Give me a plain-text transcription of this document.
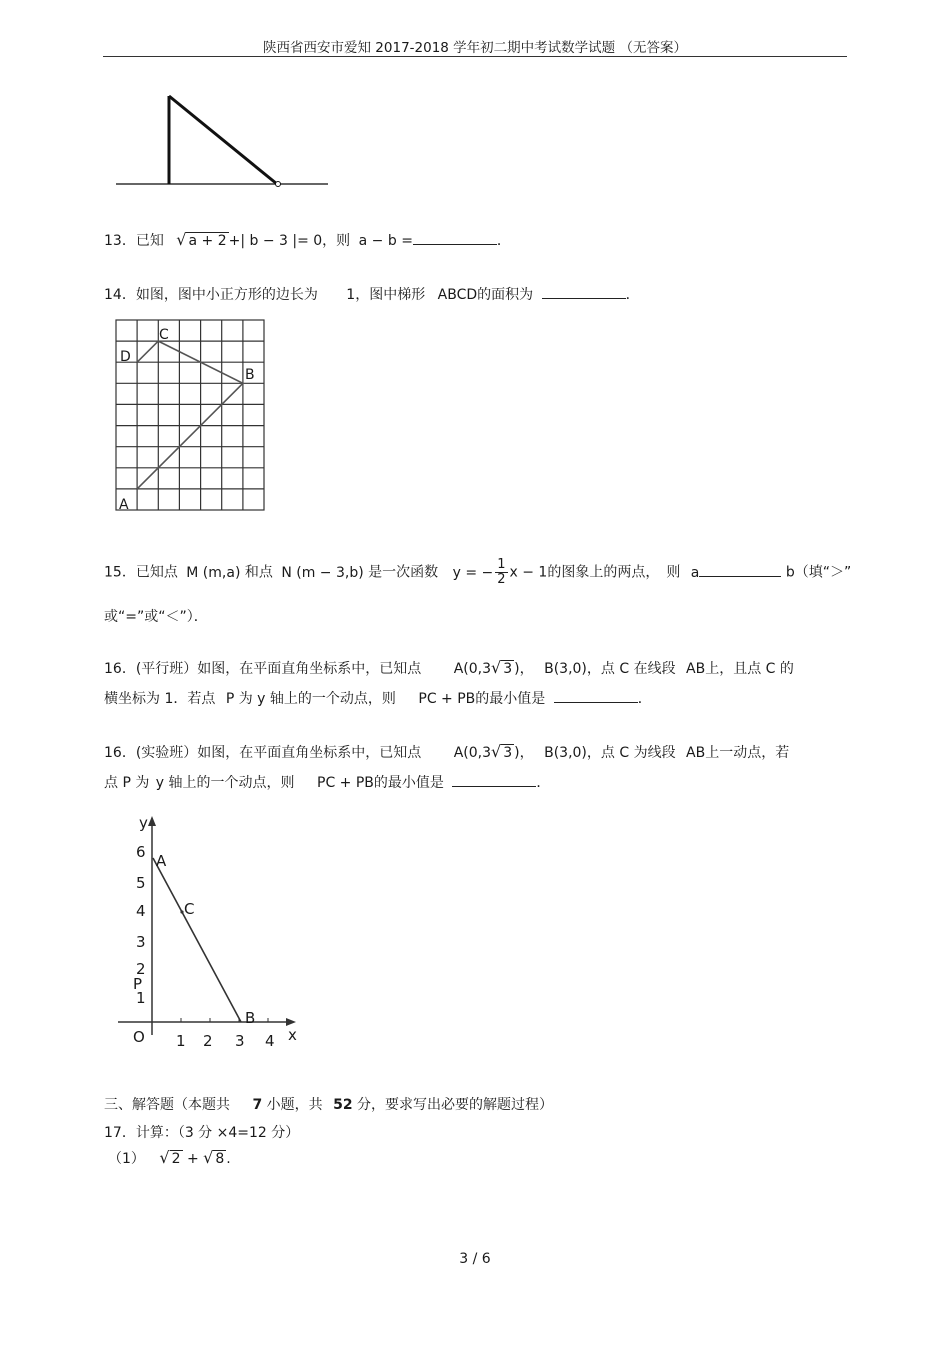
陕西省西安市爱知 2017-2018 学年初二期中考试数学试题 （无答案）
13．已知 √ a + 2 +| b − 3 |= 0，则 a − b =	．
14．如图，图中小正方形的边长为 1，图中梯形 ABCD的面积为	．
C
D
B
A
15．已知点 M (m,a) 和点 N (m − 3,b) 是一次函数 y = − $\frac{1}{2}$ x − 1的图象上的两点，　则 a	b（填“＞”
或“=”或“＜”）．
16．(平行班）如图，在平面直角坐标系中，已知点 A(0,3√ 3 )， B(3,0)，点 C 在线段 AB上，且点 C 的
横坐标为 1．若点 P 为 y 轴上的一个动点，则 PC + PB的最小值是	．
16．(实验班）如图，在平面直角坐标系中，已知点 A(0,3√ 3 )， B(3,0)，点 C 为线段 AB上一动点，若
点 P 为 y 轴上的一个动点，则 PC + PB的最小值是	．
y
x
O
6
5
4
3
2
P
1
1 2 3 4
A
C
B
三、解答题（本题共 7 小题，共 52 分，要求写出必要的解题过程）
17．计算：（3 分 ×4=12 分）
（1） √ 2 + √ 8 .
3 / 6
